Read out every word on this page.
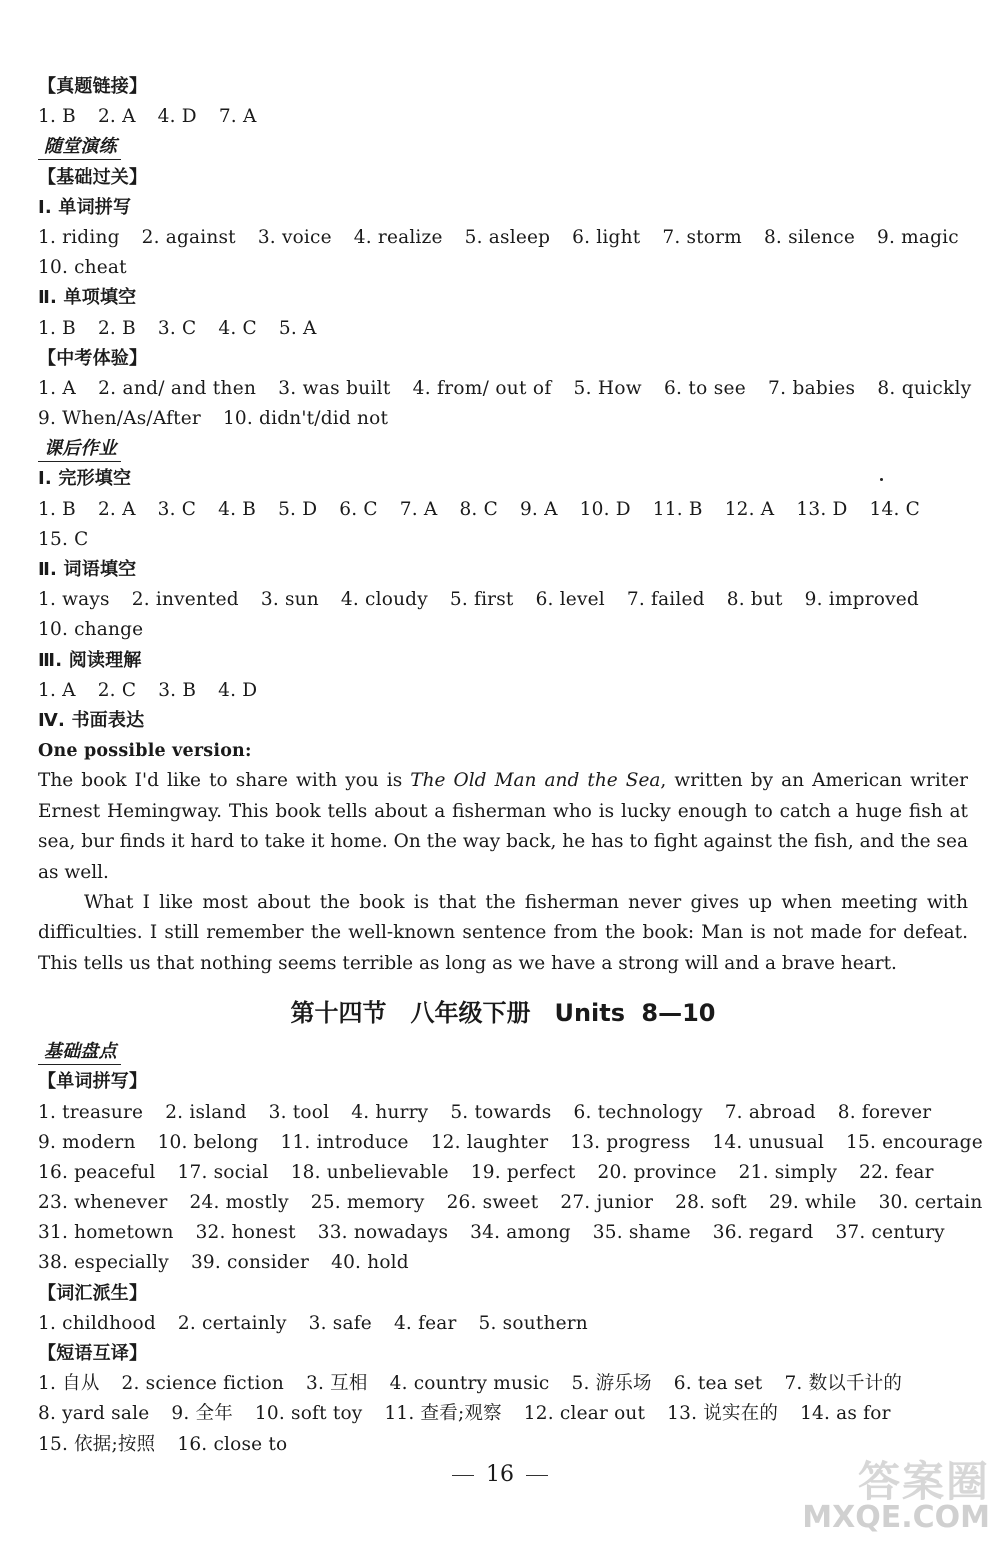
【真题链接】
1. B 2. A 4. D 7. A
随堂演练
【基础过关】
Ⅰ. 单词拼写
1. riding 2. against 3. voice 4. realize 5. asleep 6. light 7. storm 8. silence 9. magic
10. cheat
Ⅱ. 单项填空
1. B 2. B 3. C 4. C 5. A
【中考体验】
1. A 2. and/ and then 3. was built 4. from/ out of 5. How 6. to see 7. babies 8. quickly
9. When/As/After 10. didn't/did not
课后作业
Ⅰ. 完形填空
1. B 2. A 3. C 4. B 5. D 6. C 7. A 8. C 9. A 10. D 11. B 12. A 13. D 14. C
15. C
Ⅱ. 词语填空
1. ways 2. invented 3. sun 4. cloudy 5. first 6. level 7. failed 8. but 9. improved
10. change
Ⅲ. 阅读理解
1. A 2. C 3. B 4. D
Ⅳ. 书面表达
One possible version:

The book I'd like to share with you is The Old Man and the Sea, written by an American writer Ernest Hemingway. This book tells about a fisherman who is lucky enough to catch a huge fish at sea, bur finds it hard to take it home. On the way back, he has to fight against the fish, and the sea as well.

What I like most about the book is that the fisherman never gives up when meeting with difficulties. I still remember the well-known sentence from the book: Man is not made for defeat. This tells us that nothing seems terrible as long as we have a strong will and a brave heart.

第十四节　八年级下册　Units 8—10
基础盘点
【单词拼写】
1. treasure 2. island 3. tool 4. hurry 5. towards 6. technology 7. abroad 8. forever
9. modern 10. belong 11. introduce 12. laughter 13. progress 14. unusual 15. encourage
16. peaceful 17. social 18. unbelievable 19. perfect 20. province 21. simply 22. fear
23. whenever 24. mostly 25. memory 26. sweet 27. junior 28. soft 29. while 30. certain
31. hometown 32. honest 33. nowadays 34. among 35. shame 36. regard 37. century
38. especially 39. consider 40. hold
【词汇派生】
1. childhood 2. certainly 3. safe 4. fear 5. southern
【短语互译】
1. 自从 2. science fiction 3. 互相 4. country music 5. 游乐场 6. tea set 7. 数以千计的
8. yard sale 9. 全年 10. soft toy 11. 查看;观察 12. clear out 13. 说实在的 14. as for
15. 依据;按照 16. close to
16	答案圈
MXQE.COM
